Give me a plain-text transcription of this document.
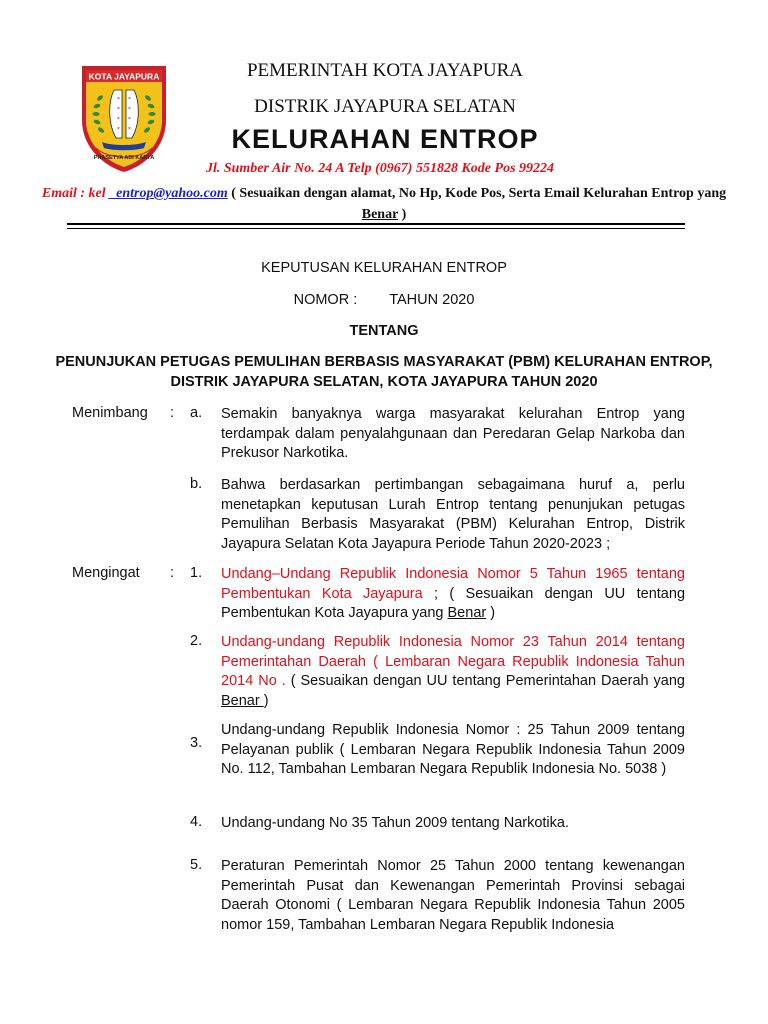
KOTA JAYAPURA
×
×
×
×
×
×
×
×
PRASETYA ADI KARYA
PEMERINTAH KOTA JAYAPURA
DISTRIK JAYAPURA SELATAN
KELURAHAN ENTROP
Jl. Sumber Air No. 24 A Telp (0967) 551828 Kode Pos 99224
Email : kel _entrop@yahoo.com ( Sesuaikan dengan alamat, No Hp, Kode Pos, Serta Email Kelurahan Entrop yang Benar )
KEPUTUSAN KELURAHAN ENTROP
NOMOR : TAHUN 2020
TENTANG
PENUNJUKAN PETUGAS PEMULIHAN BERBASIS MASYARAKAT (PBM) KELURAHAN ENTROP, DISTRIK JAYAPURA SELATAN, KOTA JAYAPURA TAHUN 2020
Menimbang : a. Semakin banyaknya warga masyarakat kelurahan Entrop yang terdampak dalam penyalahgunaan dan Peredaran Gelap Narkoba dan Prekusor Narkotika.
b. Bahwa berdasarkan pertimbangan sebagaimana huruf a, perlu menetapkan keputusan Lurah Entrop tentang penunjukan petugas Pemulihan Berbasis Masyarakat (PBM) Kelurahan Entrop, Distrik Jayapura Selatan Kota Jayapura Periode Tahun 2020-2023 ;
Mengingat : 1. Undang–Undang Republik Indonesia Nomor 5 Tahun 1965 tentang Pembentukan Kota Jayapura ; ( Sesuaikan dengan UU tentang Pembentukan Kota Jayapura yang Benar )
2. Undang-undang Republik Indonesia Nomor 23 Tahun 2014 tentang Pemerintahan Daerah ( Lembaran Negara Republik Indonesia Tahun 2014 No . ( Sesuaikan dengan UU tentang Pemerintahan Daerah yang Benar )
3.
Undang-undang Republik Indonesia Nomor : 25 Tahun 2009 tentang Pelayanan publik ( Lembaran Negara Republik Indonesia Tahun 2009 No. 112, Tambahan Lembaran Negara Republik Indonesia No. 5038 )
4. Undang-undang No 35 Tahun 2009 tentang Narkotika.
5. Peraturan Pemerintah Nomor 25 Tahun 2000 tentang kewenangan Pemerintah Pusat dan Kewenangan Pemerintah Provinsi sebagai Daerah Otonomi ( Lembaran Negara Republik Indonesia Tahun 2005 nomor 159, Tambahan Lembaran Negara Republik Indonesia
